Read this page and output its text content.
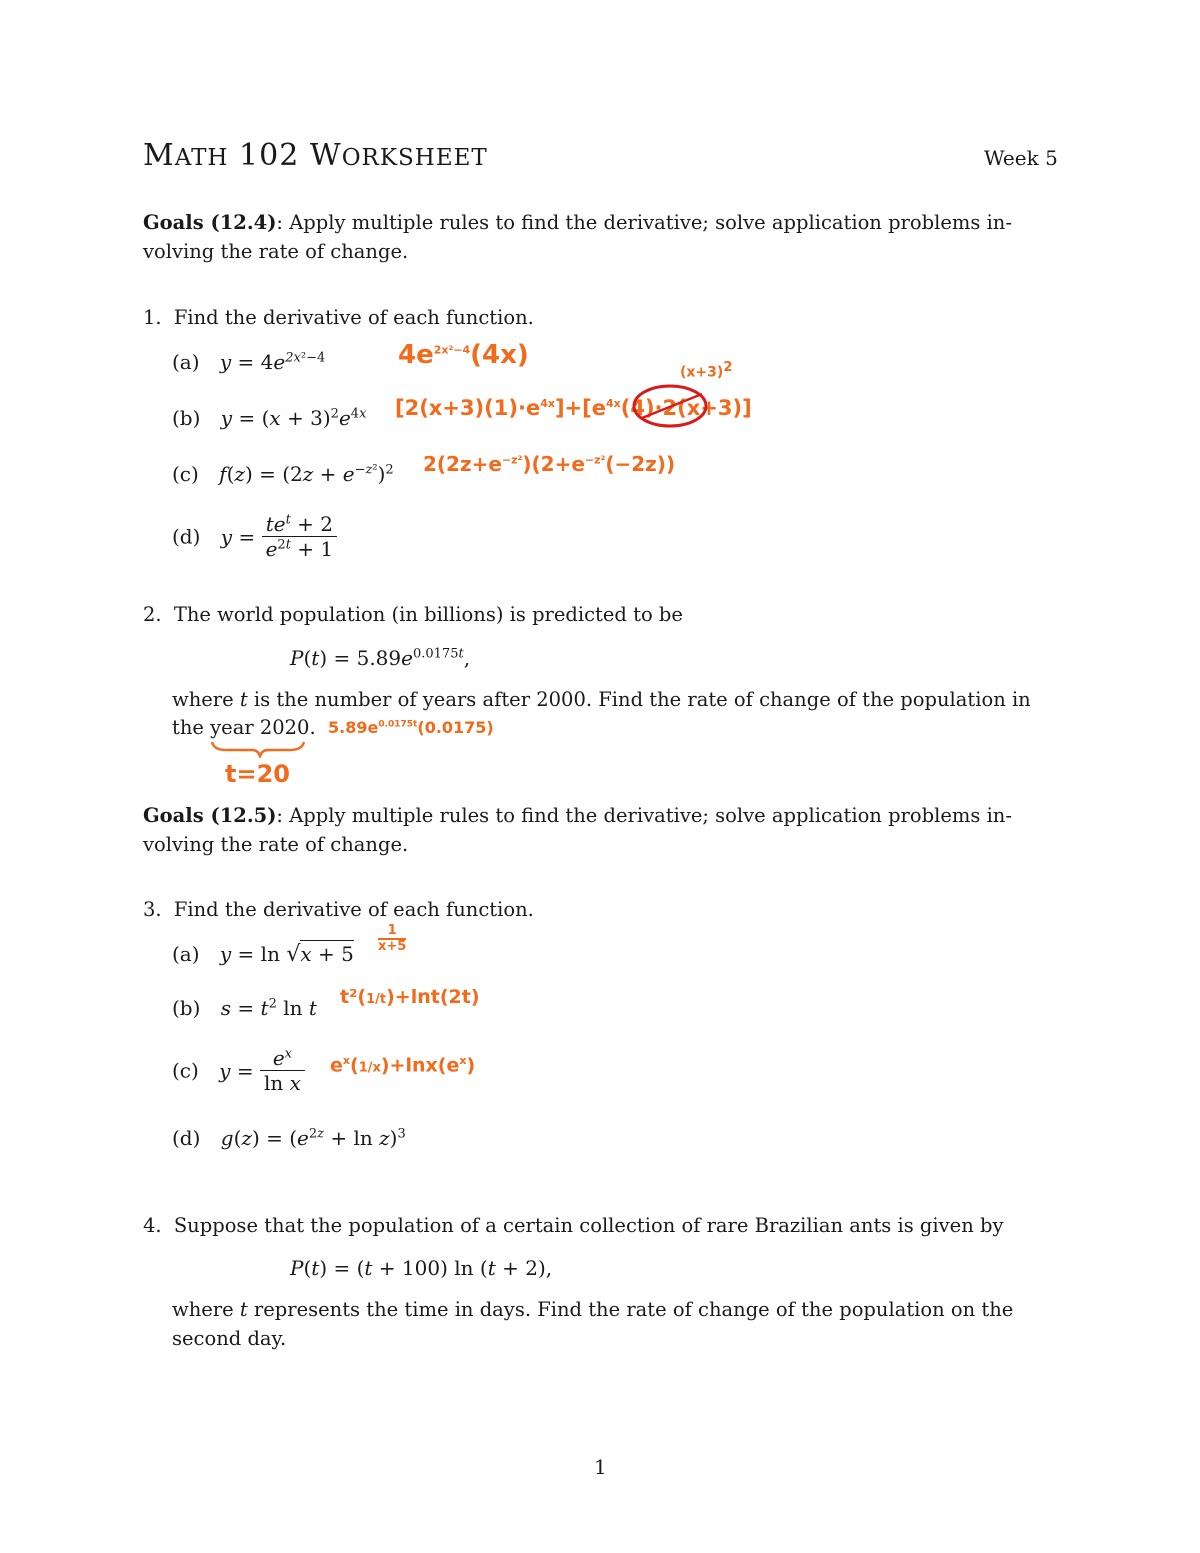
MATH 102 WORKSHEET	Week 5
Goals (12.4): Apply multiple rules to find the derivative; solve application problems in-
volving the rate of change.
1. Find the derivative of each function.
(a) $y = 4e^{2x^2-4}$
(b) $y = (x + 3)^2e^{4x}$
(c) $f(z) = (2z + e^{-z^2})^2$
(d) $y = \frac{te^t + 2}{e^{2t} + 1}$
2. The world population (in billions) is predicted to be
$P(t) = 5.89e^{0.0175t}$,
where t is the number of years after 2000. Find the rate of change of the population in
the year 2020.
Goals (12.5): Apply multiple rules to find the derivative; solve application problems in-
volving the rate of change.
3. Find the derivative of each function.
(a) y = ln √x + 5
(b) $s = t^2$ ln t
(c) $y = \frac{e^x}{\text{ln x}}$
(d) $g(z) = (e^{2z} + \ln z)^3$
4. Suppose that the population of a certain collection of rare Brazilian ants is given by
P(t) = (t + 100) ln (t + 2),
where t represents the time in days. Find the rate of change of the population on the
second day.
1
$4e^{2x^2-4}(4x)$
$(x+3)^2$
$[2(x+3)(1)\cdot e^{4x}]+[e^{4x}(4)\cdot 2(x+3)]$
$2(2z+e^{-z^2})(2+e^{-z^2}(-2z))$
$5.89e^{0.0175t}(0.0175)$
t=20
$\frac{1}{x+5}$
t²(1/t)+lnt(2t)
$e^x(1/x)+\ln x(e^x)$
